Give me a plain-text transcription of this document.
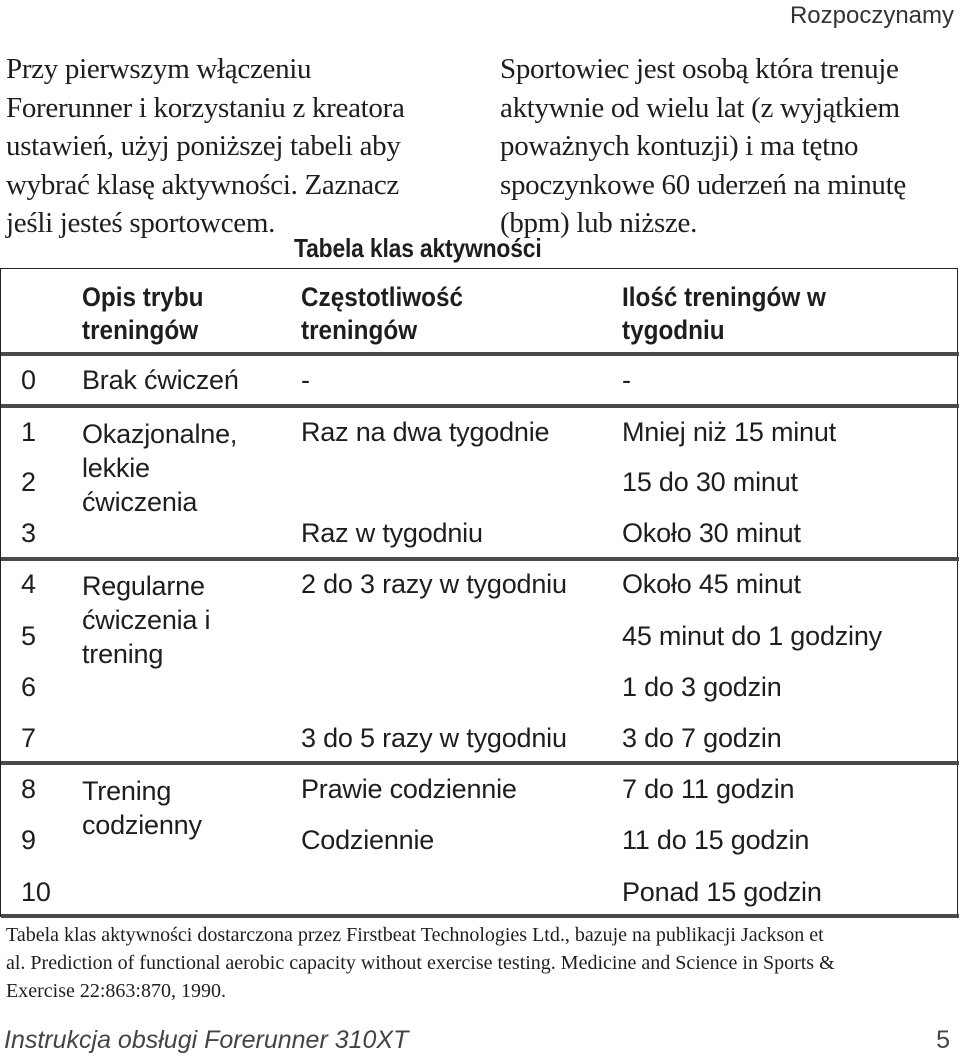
Rozpoczynamy
Przy pierwszym włączeniu
Forerunner i korzystaniu z kreatora
ustawień, użyj poniższej tabeli aby
wybrać klasę aktywności. Zaznacz
jeśli jesteś sportowcem.
Sportowiec jest osobą która trenuje
aktywnie od wielu lat (z wyjątkiem
poważnych kontuzji) i ma tętno
spoczynkowe 60 uderzeń na minutę
(bpm) lub niższe.
Tabela klas aktywności
Opis trybu
treningów
Częstotliwość
treningów
Ilość treningów w
tygodniu
0
1
2
3
4
5
6
7
8
9
10
Brak ćwiczeń
Okazjonalne,
lekkie
ćwiczenia
Regularne
ćwiczenia i
trening
Trening
codzienny
-
Raz na dwa tygodnie
Raz w tygodniu
2 do 3 razy w tygodniu
3 do 5 razy w tygodniu
Prawie codziennie
Codziennie
-
Mniej niż 15 minut
15 do 30 minut
Około 30 minut
Około 45 minut
45 minut do 1 godziny
1 do 3 godzin
3 do 7 godzin
7 do 11 godzin
11 do 15 godzin
Ponad 15 godzin
Tabela klas aktywności dostarczona przez Firstbeat Technologies Ltd., bazuje na publikacji Jackson et
al. Prediction of functional aerobic capacity without exercise testing. Medicine and Science in Sports &
Exercise 22:863:870, 1990.
Instrukcja obsługi Forerunner 310XT	5
